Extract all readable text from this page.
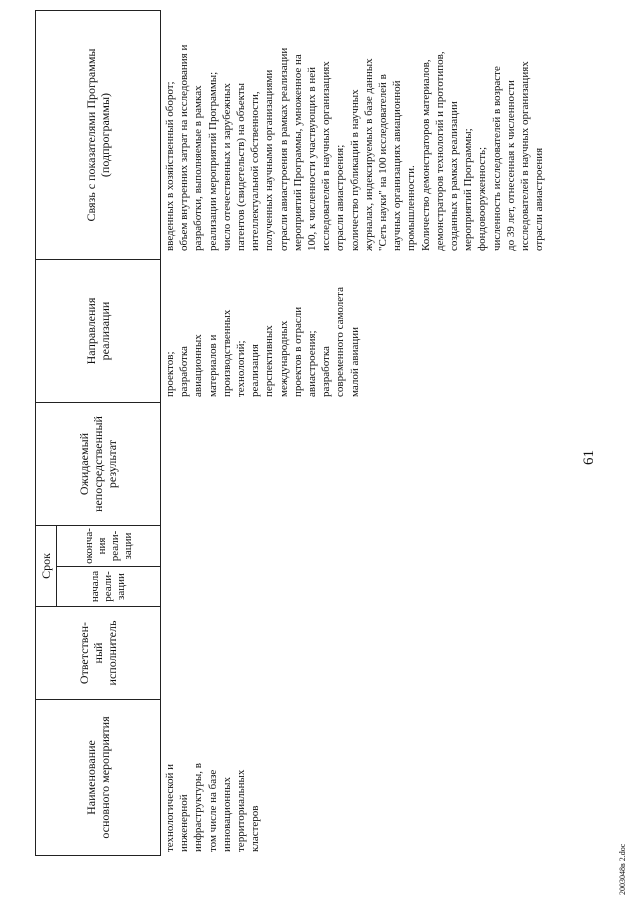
61
2003048в 2.doc
Наименование основного мероприятия
Ответствен- ный исполнитель
Срок
начала реали- зации
оконча- ния реали- зации
Ожидаемый непосредственный результат
Направления реализации
Связь с показателями Программы (подпрограммы)
технологической и инженерной инфраструктуры, в том числе на базе инновационных территориальных кластеров
проектов; разработка авиационных материалов и производственных технологий; реализация перспективных международных проектов в отрасли авиастроения; разработка современного самолета малой авиации
введенных в хозяйственный оборот; объем внутренних затрат на исследования и разработки, выполняемые в рамках реализации мероприятий Программы; число отечественных и зарубежных патентов (свидетельств) на объекты интеллектуальной собственности, полученных научными организациями отрасли авиастроения в рамках реализации мероприятий Программы, умноженное на 100, к численности участвующих в ней исследователей в научных организациях отрасли авиастроения; количество публикаций в научных журналах, индексируемых в базе данных "Сеть науки" на 100 исследователей в научных организациях авиационной промышленности. Количество демонстраторов материалов, демонстраторов технологий и прототипов, созданных в рамках реализации мероприятий Программы; фондовооруженность; численность исследователей в возрасте до 39 лет, отнесенная к численности исследователей в научных организациях отрасли авиастроения
